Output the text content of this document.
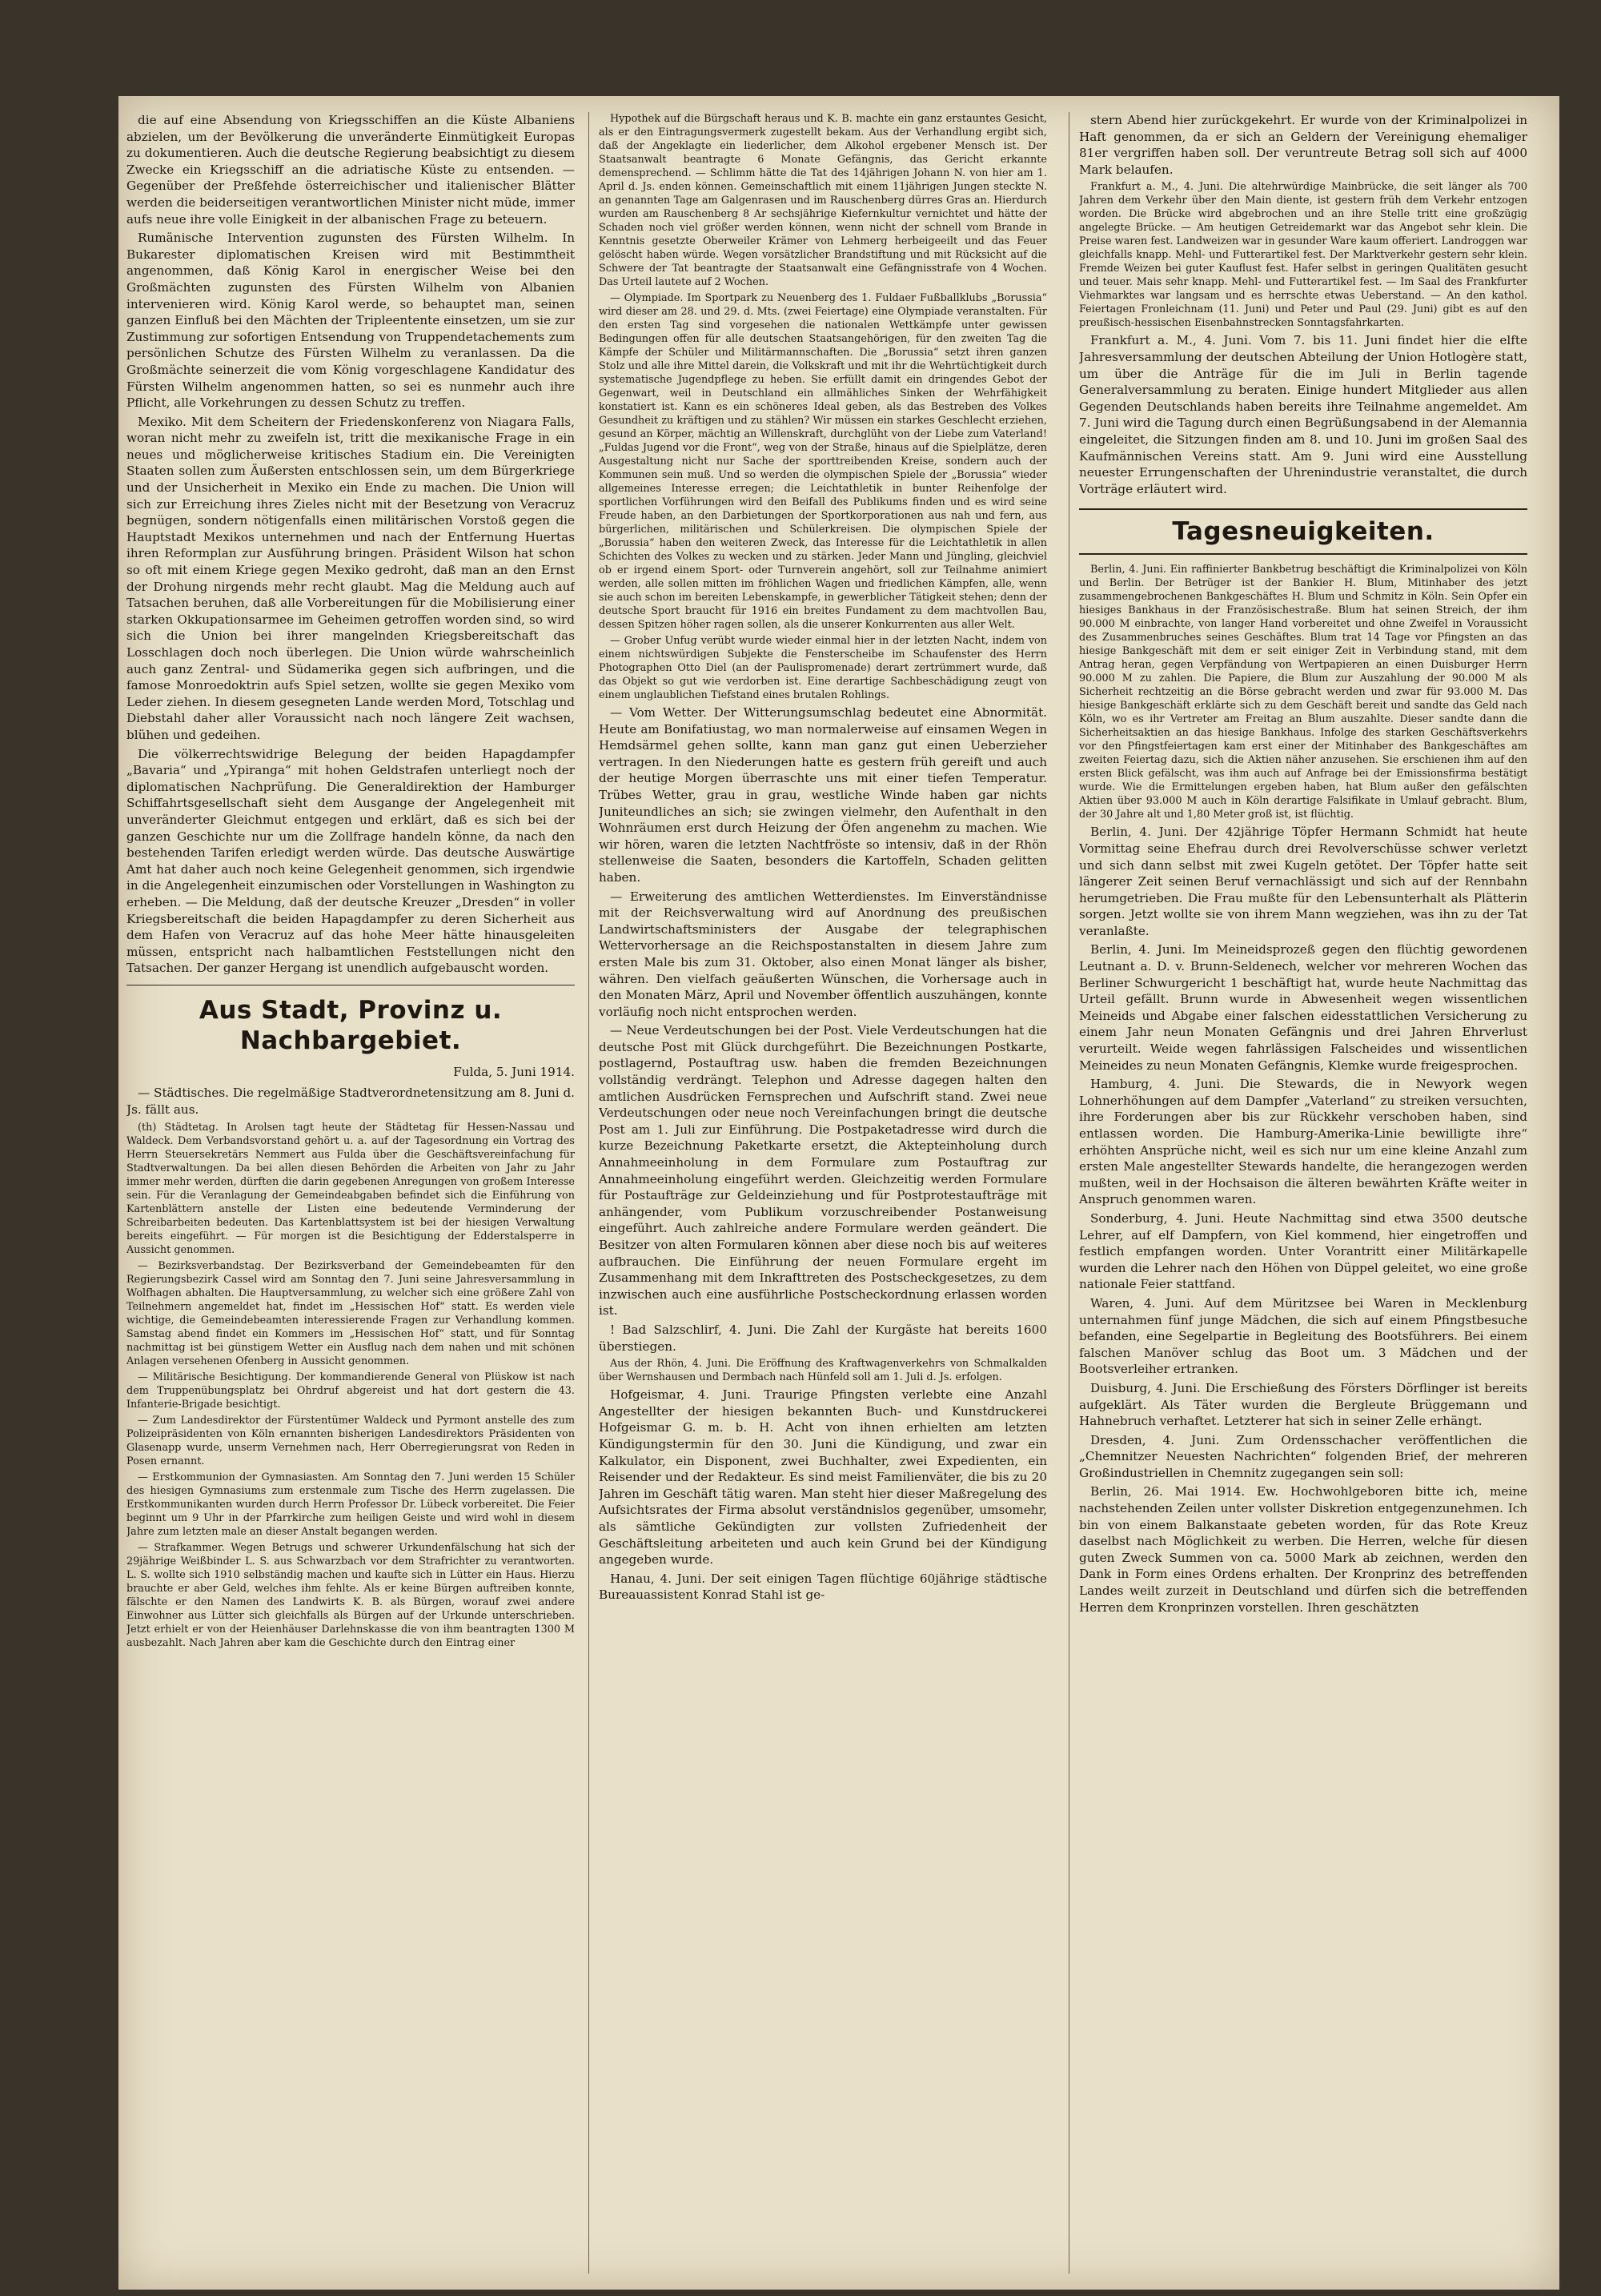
die auf eine Absendung von Kriegsschiffen an die Küste Albaniens abzielen, um der Bevölkerung die unveränderte Einmütigkeit Europas zu dokumentieren. Auch die deutsche Regierung beabsichtigt zu diesem Zwecke ein Kriegsschiff an die adriatische Küste zu entsenden. — Gegenüber der Preßfehde österreichischer und italienischer Blätter werden die beiderseitigen verantwortlichen Minister nicht müde, immer aufs neue ihre volle Einigkeit in der albanischen Frage zu beteuern.

Rumänische Intervention zugunsten des Fürsten Wilhelm. In Bukarester diplomatischen Kreisen wird mit Bestimmtheit angenommen, daß König Karol in energischer Weise bei den Großmächten zugunsten des Fürsten Wilhelm von Albanien intervenieren wird. König Karol werde, so behauptet man, seinen ganzen Einfluß bei den Mächten der Tripleentente einsetzen, um sie zur Zustimmung zur sofortigen Entsendung von Truppendetachements zum persönlichen Schutze des Fürsten Wilhelm zu veranlassen. Da die Großmächte seinerzeit die vom König vorgeschlagene Kandidatur des Fürsten Wilhelm angenommen hatten, so sei es nunmehr auch ihre Pflicht, alle Vorkehrungen zu dessen Schutz zu treffen.

Mexiko. Mit dem Scheitern der Friedenskonferenz von Niagara Falls, woran nicht mehr zu zweifeln ist, tritt die mexikanische Frage in ein neues und möglicherweise kritisches Stadium ein. Die Vereinigten Staaten sollen zum Äußersten entschlossen sein, um dem Bürgerkriege und der Unsicherheit in Mexiko ein Ende zu machen. Die Union will sich zur Erreichung ihres Zieles nicht mit der Besetzung von Veracruz begnügen, sondern nötigenfalls einen militärischen Vorstoß gegen die Hauptstadt Mexikos unternehmen und nach der Entfernung Huertas ihren Reformplan zur Ausführung bringen. Präsident Wilson hat schon so oft mit einem Kriege gegen Mexiko gedroht, daß man an den Ernst der Drohung nirgends mehr recht glaubt. Mag die Meldung auch auf Tatsachen beruhen, daß alle Vorbereitungen für die Mobilisierung einer starken Okkupationsarmee im Geheimen getroffen worden sind, so wird sich die Union bei ihrer mangelnden Kriegsbereitschaft das Losschlagen doch noch überlegen. Die Union würde wahrscheinlich auch ganz Zentral- und Südamerika gegen sich aufbringen, und die famose Monroedoktrin aufs Spiel setzen, wollte sie gegen Mexiko vom Leder ziehen. In diesem gesegneten Lande werden Mord, Totschlag und Diebstahl daher aller Voraussicht nach noch längere Zeit wachsen, blühen und gedeihen.

Die völkerrechtswidrige Belegung der beiden Hapagdampfer „Bavaria“ und „Ypiranga“ mit hohen Geldstrafen unterliegt noch der diplomatischen Nachprüfung. Die Generaldirektion der Hamburger Schiffahrtsgesellschaft sieht dem Ausgange der Angelegenheit mit unveränderter Gleichmut entgegen und erklärt, daß es sich bei der ganzen Geschichte nur um die Zollfrage handeln könne, da nach den bestehenden Tarifen erledigt werden würde. Das deutsche Auswärtige Amt hat daher auch noch keine Gelegenheit genommen, sich irgendwie in die Angelegenheit einzumischen oder Vorstellungen in Washington zu erheben. — Die Meldung, daß der deutsche Kreuzer „Dresden“ in voller Kriegsbereitschaft die beiden Hapagdampfer zu deren Sicherheit aus dem Hafen von Veracruz auf das hohe Meer hätte hinausgeleiten müssen, entspricht nach halbamtlichen Feststellungen nicht den Tatsachen. Der ganzer Hergang ist unendlich aufgebauscht worden.

Aus Stadt, Provinz u. Nachbargebiet.
Fulda, 5. Juni 1914.

— Städtisches. Die regelmäßige Stadtverordnetensitzung am 8. Juni d. Js. fällt aus.

(th) Städtetag. In Arolsen tagt heute der Städtetag für Hessen-Nassau und Waldeck. Dem Verbandsvorstand gehört u. a. auf der Tagesordnung ein Vortrag des Herrn Steuersekretärs Nemmert aus Fulda über die Geschäftsvereinfachung für Stadtverwaltungen. Da bei allen diesen Behörden die Arbeiten von Jahr zu Jahr immer mehr werden, dürften die darin gegebenen Anregungen von großem Interesse sein. Für die Veranlagung der Gemeindeabgaben befindet sich die Einführung von Kartenblättern anstelle der Listen eine bedeutende Verminderung der Schreibarbeiten bedeuten. Das Kartenblattsystem ist bei der hiesigen Verwaltung bereits eingeführt. — Für morgen ist die Besichtigung der Edderstalsperre in Aussicht genommen.

— Bezirksverbandstag. Der Bezirksverband der Gemeindebeamten für den Regierungsbezirk Cassel wird am Sonntag den 7. Juni seine Jahresversammlung in Wolfhagen abhalten. Die Hauptversammlung, zu welcher sich eine größere Zahl von Teilnehmern angemeldet hat, findet im „Hessischen Hof“ statt. Es werden viele wichtige, die Gemeindebeamten interessierende Fragen zur Verhandlung kommen. Samstag abend findet ein Kommers im „Hessischen Hof“ statt, und für Sonntag nachmittag ist bei günstigem Wetter ein Ausflug nach dem nahen und mit schönen Anlagen versehenen Ofenberg in Aussicht genommen.

— Militärische Besichtigung. Der kommandierende General von Plüskow ist nach dem Truppenübungsplatz bei Ohrdruf abgereist und hat dort gestern die 43. Infanterie-Brigade besichtigt.

— Zum Landesdirektor der Fürstentümer Waldeck und Pyrmont anstelle des zum Polizeipräsidenten von Köln ernannten bisherigen Landesdirektors Präsidenten von Glasenapp wurde, unserm Vernehmen nach, Herr Oberregierungsrat von Reden in Posen ernannt.

— Erstkommunion der Gymnasiasten. Am Sonntag den 7. Juni werden 15 Schüler des hiesigen Gymnasiums zum erstenmale zum Tische des Herrn zugelassen. Die Erstkommunikanten wurden durch Herrn Professor Dr. Lübeck vorbereitet. Die Feier beginnt um 9 Uhr in der Pfarrkirche zum heiligen Geiste und wird wohl in diesem Jahre zum letzten male an dieser Anstalt begangen werden.

— Strafkammer. Wegen Betrugs und schwerer Urkundenfälschung hat sich der 29jährige Weißbinder L. S. aus Schwarzbach vor dem Strafrichter zu verantworten. L. S. wollte sich 1910 selbständig machen und kaufte sich in Lütter ein Haus. Hierzu brauchte er aber Geld, welches ihm fehlte. Als er keine Bürgen auftreiben konnte, fälschte er den Namen des Landwirts K. B. als Bürgen, worauf zwei andere Einwohner aus Lütter sich gleichfalls als Bürgen auf der Urkunde unterschrieben. Jetzt erhielt er von der Heienhäuser Darlehnskasse die von ihm beantragten 1300 M ausbezahlt. Nach Jahren aber kam die Geschichte durch den Eintrag einer

Hypothek auf die Bürgschaft heraus und K. B. machte ein ganz erstauntes Gesicht, als er den Eintragungsvermerk zugestellt bekam. Aus der Verhandlung ergibt sich, daß der Angeklagte ein liederlicher, dem Alkohol ergebener Mensch ist. Der Staatsanwalt beantragte 6 Monate Gefängnis, das Gericht erkannte demensprechend. — Schlimm hätte die Tat des 14jährigen Johann N. von hier am 1. April d. Js. enden können. Gemeinschaftlich mit einem 11jährigen Jungen steckte N. an genannten Tage am Galgenrasen und im Rauschenberg dürres Gras an. Hierdurch wurden am Rauschenberg 8 Ar sechsjährige Kiefernkultur vernichtet und hätte der Schaden noch viel größer werden können, wenn nicht der schnell vom Brande in Kenntnis gesetzte Oberweiler Krämer von Lehmerg herbeigeeilt und das Feuer gelöscht haben würde. Wegen vorsätzlicher Brandstiftung und mit Rücksicht auf die Schwere der Tat beantragte der Staatsanwalt eine Gefängnisstrafe von 4 Wochen. Das Urteil lautete auf 2 Wochen.

— Olympiade. Im Sportpark zu Neuenberg des 1. Fuldaer Fußballklubs „Borussia“ wird dieser am 28. und 29. d. Mts. (zwei Feiertage) eine Olympiade veranstalten. Für den ersten Tag sind vorgesehen die nationalen Wettkämpfe unter gewissen Bedingungen offen für alle deutschen Staatsangehörigen, für den zweiten Tag die Kämpfe der Schüler und Militärmannschaften. Die „Borussia“ setzt ihren ganzen Stolz und alle ihre Mittel darein, die Volkskraft und mit ihr die Wehrtüchtigkeit durch systematische Jugendpflege zu heben. Sie erfüllt damit ein dringendes Gebot der Gegenwart, weil in Deutschland ein allmähliches Sinken der Wehrfähigkeit konstatiert ist. Kann es ein schöneres Ideal geben, als das Bestreben des Volkes Gesundheit zu kräftigen und zu stählen? Wir müssen ein starkes Geschlecht erziehen, gesund an Körper, mächtig an Willenskraft, durchglüht von der Liebe zum Vaterland! „Fuldas Jugend vor die Front“, weg von der Straße, hinaus auf die Spielplätze, deren Ausgestaltung nicht nur Sache der sporttreibenden Kreise, sondern auch der Kommunen sein muß. Und so werden die olympischen Spiele der „Borussia“ wieder allgemeines Interesse erregen; die Leichtathletik in bunter Reihenfolge der sportlichen Vorführungen wird den Beifall des Publikums finden und es wird seine Freude haben, an den Darbietungen der Sportkorporationen aus nah und fern, aus bürgerlichen, militärischen und Schülerkreisen. Die olympischen Spiele der „Borussia“ haben den weiteren Zweck, das Interesse für die Leichtathletik in allen Schichten des Volkes zu wecken und zu stärken. Jeder Mann und Jüngling, gleichviel ob er irgend einem Sport- oder Turnverein angehört, soll zur Teilnahme animiert werden, alle sollen mitten im fröhlichen Wagen und friedlichen Kämpfen, alle, wenn sie auch schon im bereiten Lebenskampfe, in gewerblicher Tätigkeit stehen; denn der deutsche Sport braucht für 1916 ein breites Fundament zu dem machtvollen Bau, dessen Spitzen höher ragen sollen, als die unserer Konkurrenten aus aller Welt.

— Grober Unfug verübt wurde wieder einmal hier in der letzten Nacht, indem von einem nichtswürdigen Subjekte die Fensterscheibe im Schaufenster des Herrn Photographen Otto Diel (an der Paulispromenade) derart zertrümmert wurde, daß das Objekt so gut wie verdorben ist. Eine derartige Sachbeschädigung zeugt von einem unglaublichen Tiefstand eines brutalen Rohlings.

— Vom Wetter. Der Witterungsumschlag bedeutet eine Abnormität. Heute am Bonifatiustag, wo man normalerweise auf einsamen Wegen in Hemdsärmel gehen sollte, kann man ganz gut einen Ueberzieher vertragen. In den Niederungen hatte es gestern früh gereift und auch der heutige Morgen überraschte uns mit einer tiefen Temperatur. Trübes Wetter, grau in grau, westliche Winde haben gar nichts Juniteundliches an sich; sie zwingen vielmehr, den Aufenthalt in den Wohnräumen erst durch Heizung der Öfen angenehm zu machen. Wie wir hören, waren die letzten Nachtfröste so intensiv, daß in der Rhön stellenweise die Saaten, besonders die Kartoffeln, Schaden gelitten haben.

— Erweiterung des amtlichen Wetterdienstes. Im Einverständnisse mit der Reichsverwaltung wird auf Anordnung des preußischen Landwirtschaftsministers der Ausgabe der telegraphischen Wettervorhersage an die Reichspostanstalten in diesem Jahre zum ersten Male bis zum 31. Oktober, also einen Monat länger als bisher, währen. Den vielfach geäußerten Wünschen, die Vorhersage auch in den Monaten März, April und November öffentlich auszuhängen, konnte vorläufig noch nicht entsprochen werden.

— Neue Verdeutschungen bei der Post. Viele Verdeutschungen hat die deutsche Post mit Glück durchgeführt. Die Bezeichnungen Postkarte, postlagernd, Postauftrag usw. haben die fremden Bezeichnungen vollständig verdrängt. Telephon und Adresse dagegen halten den amtlichen Ausdrücken Fernsprechen und Aufschrift stand. Zwei neue Verdeutschungen oder neue noch Vereinfachungen bringt die deutsche Post am 1. Juli zur Einführung. Die Postpaketadresse wird durch die kurze Bezeichnung Paketkarte ersetzt, die Aktepteinholung durch Annahmeeinholung in dem Formulare zum Postauftrag zur Annahmeeinholung eingeführt werden. Gleichzeitig werden Formulare für Postaufträge zur Geldeinziehung und für Postprotestaufträge mit anhängender, vom Publikum vorzuschreibender Postanweisung eingeführt. Auch zahlreiche andere Formulare werden geändert. Die Besitzer von alten Formularen können aber diese noch bis auf weiteres aufbrauchen. Die Einführung der neuen Formulare ergeht im Zusammenhang mit dem Inkrafttreten des Postscheckgesetzes, zu dem inzwischen auch eine ausführliche Postscheckordnung erlassen worden ist.

! Bad Salzschlirf, 4. Juni. Die Zahl der Kurgäste hat bereits 1600 überstiegen.

Aus der Rhön, 4. Juni. Die Eröffnung des Kraftwagenverkehrs von Schmalkalden über Wernshausen und Dermbach nach Hünfeld soll am 1. Juli d. Js. erfolgen.

Hofgeismar, 4. Juni. Traurige Pfingsten verlebte eine Anzahl Angestellter der hiesigen bekannten Buch- und Kunstdruckerei Hofgeismar G. m. b. H. Acht von ihnen erhielten am letzten Kündigungstermin für den 30. Juni die Kündigung, und zwar ein Kalkulator, ein Disponent, zwei Buchhalter, zwei Expedienten, ein Reisender und der Redakteur. Es sind meist Familienväter, die bis zu 20 Jahren im Geschäft tätig waren. Man steht hier dieser Maßregelung des Aufsichtsrates der Firma absolut verständnislos gegenüber, umsomehr, als sämtliche Gekündigten zur vollsten Zufriedenheit der Geschäftsleitung arbeiteten und auch kein Grund bei der Kündigung angegeben wurde.

Hanau, 4. Juni. Der seit einigen Tagen flüchtige 60jährige städtische Bureauassistent Konrad Stahl ist ge-

stern Abend hier zurückgekehrt. Er wurde von der Kriminalpolizei in Haft genommen, da er sich an Geldern der Vereinigung ehemaliger 81er vergriffen haben soll. Der veruntreute Betrag soll sich auf 4000 Mark belaufen.

Frankfurt a. M., 4. Juni. Die altehrwürdige Mainbrücke, die seit länger als 700 Jahren dem Verkehr über den Main diente, ist gestern früh dem Verkehr entzogen worden. Die Brücke wird abgebrochen und an ihre Stelle tritt eine großzügig angelegte Brücke. — Am heutigen Getreidemarkt war das Angebot sehr klein. Die Preise waren fest. Landweizen war in gesunder Ware kaum offeriert. Landroggen war gleichfalls knapp. Mehl- und Futterartikel fest. Der Marktverkehr gestern sehr klein. Fremde Weizen bei guter Kauflust fest. Hafer selbst in geringen Qualitäten gesucht und teuer. Mais sehr knapp. Mehl- und Futterartikel fest. — Im Saal des Frankfurter Viehmarktes war langsam und es herrschte etwas Ueberstand. — An den kathol. Feiertagen Fronleichnam (11. Juni) und Peter und Paul (29. Juni) gibt es auf den preußisch-hessischen Eisenbahnstrecken Sonntagsfahrkarten.

Frankfurt a. M., 4. Juni. Vom 7. bis 11. Juni findet hier die elfte Jahresversammlung der deutschen Abteilung der Union Hotlogère statt, um über die Anträge für die im Juli in Berlin tagende Generalversammlung zu beraten. Einige hundert Mitglieder aus allen Gegenden Deutschlands haben bereits ihre Teilnahme angemeldet. Am 7. Juni wird die Tagung durch einen Begrüßungsabend in der Alemannia eingeleitet, die Sitzungen finden am 8. und 10. Juni im großen Saal des Kaufmännischen Vereins statt. Am 9. Juni wird eine Ausstellung neuester Errungenschaften der Uhrenindustrie veranstaltet, die durch Vorträge erläutert wird.

Tagesneuigkeiten.

Berlin, 4. Juni. Ein raffinierter Bankbetrug beschäftigt die Kriminalpolizei von Köln und Berlin. Der Betrüger ist der Bankier H. Blum, Mitinhaber des jetzt zusammengebrochenen Bankgeschäftes H. Blum und Schmitz in Köln. Sein Opfer ein hiesiges Bankhaus in der Französischestraße. Blum hat seinen Streich, der ihm 90.000 M einbrachte, von langer Hand vorbereitet und ohne Zweifel in Voraussicht des Zusammenbruches seines Geschäftes. Blum trat 14 Tage vor Pfingsten an das hiesige Bankgeschäft mit dem er seit einiger Zeit in Verbindung stand, mit dem Antrag heran, gegen Verpfändung von Wertpapieren an einen Duisburger Herrn 90.000 M zu zahlen. Die Papiere, die Blum zur Auszahlung der 90.000 M als Sicherheit rechtzeitig an die Börse gebracht werden und zwar für 93.000 M. Das hiesige Bankgeschäft erklärte sich zu dem Geschäft bereit und sandte das Geld nach Köln, wo es ihr Vertreter am Freitag an Blum auszahlte. Dieser sandte dann die Sicherheitsaktien an das hiesige Bankhaus. Infolge des starken Geschäftsverkehrs vor den Pfingstfeiertagen kam erst einer der Mitinhaber des Bankgeschäftes am zweiten Feiertag dazu, sich die Aktien näher anzusehen. Sie erschienen ihm auf den ersten Blick gefälscht, was ihm auch auf Anfrage bei der Emissionsfirma bestätigt wurde. Wie die Ermittelungen ergeben haben, hat Blum außer den gefälschten Aktien über 93.000 M auch in Köln derartige Falsifikate in Umlauf gebracht. Blum, der 30 Jahre alt und 1,80 Meter groß ist, ist flüchtig.

Berlin, 4. Juni. Der 42jährige Töpfer Hermann Schmidt hat heute Vormittag seine Ehefrau durch drei Revolverschüsse schwer verletzt und sich dann selbst mit zwei Kugeln getötet. Der Töpfer hatte seit längerer Zeit seinen Beruf vernachlässigt und sich auf der Rennbahn herumgetrieben. Die Frau mußte für den Lebensunterhalt als Plätterin sorgen. Jetzt wollte sie von ihrem Mann wegziehen, was ihn zu der Tat veranlaßte.

Berlin, 4. Juni. Im Meineidsprozeß gegen den flüchtig gewordenen Leutnant a. D. v. Brunn-Seldenech, welcher vor mehreren Wochen das Berliner Schwurgericht 1 beschäftigt hat, wurde heute Nachmittag das Urteil gefällt. Brunn wurde in Abwesenheit wegen wissentlichen Meineids und Abgabe einer falschen eidesstattlichen Versicherung zu einem Jahr neun Monaten Gefängnis und drei Jahren Ehrverlust verurteilt. Weide wegen fahrlässigen Falscheides und wissentlichen Meineides zu neun Monaten Gefängnis, Klemke wurde freigesprochen.

Hamburg, 4. Juni. Die Stewards, die in Newyork wegen Lohnerhöhungen auf dem Dampfer „Vaterland“ zu streiken versuchten, ihre Forderungen aber bis zur Rückkehr verschoben haben, sind entlassen worden. Die Hamburg-Amerika-Linie bewilligte ihre“ erhöhten Ansprüche nicht, weil es sich nur um eine kleine Anzahl zum ersten Male angestellter Stewards handelte, die herangezogen werden mußten, weil in der Hochsaison die älteren bewährten Kräfte weiter in Anspruch genommen waren.

Sonderburg, 4. Juni. Heute Nachmittag sind etwa 3500 deutsche Lehrer, auf elf Dampfern, von Kiel kommend, hier eingetroffen und festlich empfangen worden. Unter Vorantritt einer Militärkapelle wurden die Lehrer nach den Höhen von Düppel geleitet, wo eine große nationale Feier stattfand.

Waren, 4. Juni. Auf dem Müritzsee bei Waren in Mecklenburg unternahmen fünf junge Mädchen, die sich auf einem Pfingstbesuche befanden, eine Segelpartie in Begleitung des Bootsführers. Bei einem falschen Manöver schlug das Boot um. 3 Mädchen und der Bootsverleiher ertranken.

Duisburg, 4. Juni. Die Erschießung des Försters Dörflinger ist bereits aufgeklärt. Als Täter wurden die Bergleute Brüggemann und Hahnebruch verhaftet. Letzterer hat sich in seiner Zelle erhängt.

Dresden, 4. Juni. Zum Ordensschacher veröffentlichen die „Chemnitzer Neuesten Nachrichten“ folgenden Brief, der mehreren Großindustriellen in Chemnitz zugegangen sein soll:

Berlin, 26. Mai 1914. Ew. Hochwohlgeboren bitte ich, meine nachstehenden Zeilen unter vollster Diskretion entgegenzunehmen. Ich bin von einem Balkanstaate gebeten worden, für das Rote Kreuz daselbst nach Möglichkeit zu werben. Die Herren, welche für diesen guten Zweck Summen von ca. 5000 Mark ab zeichnen, werden den Dank in Form eines Ordens erhalten. Der Kronprinz des betreffenden Landes weilt zurzeit in Deutschland und dürfen sich die betreffenden Herren dem Kronprinzen vorstellen. Ihren geschätzten
